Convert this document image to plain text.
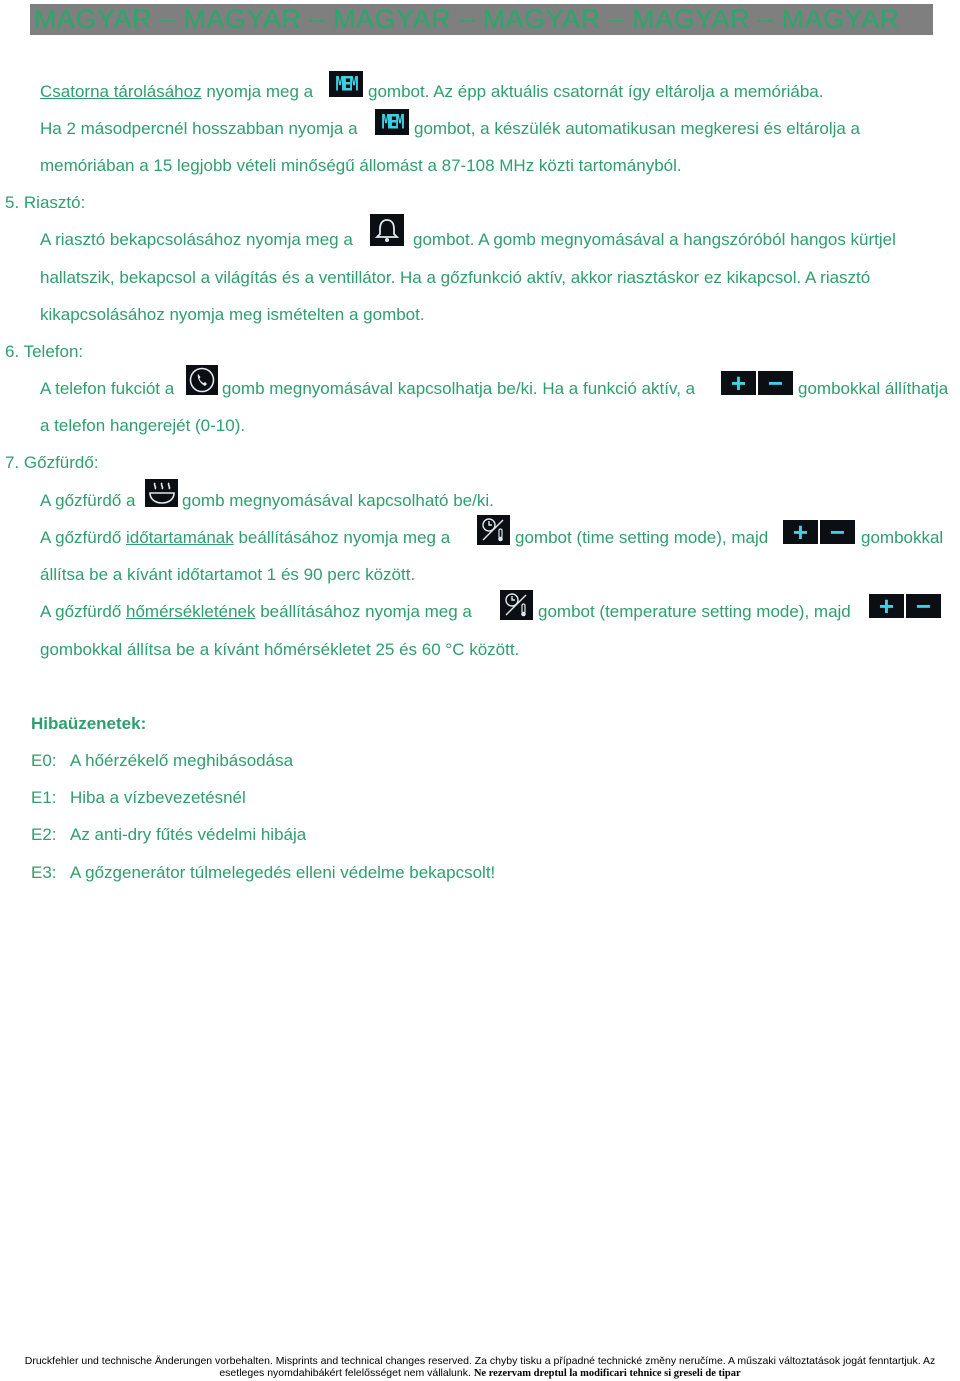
MAGYAR – MAGYAR – MAGYAR – MAGYAR – MAGYAR – MAGYAR
Csatorna tárolásához nyomja meg a MEM gombot. Az épp aktuális csatornát így eltárolja a memóriába.
Ha 2 másodpercnél hosszabban nyomja a MEM gombot, a készülék automatikusan megkeresi és eltárolja a
memóriában a 15 legjobb vételi minőségű állomást a 87-108 MHz közti tartományból.
5. Riasztó:
A riasztó bekapcsolásához nyomja meg a	gombot. A gomb megnyomásával a hangszóróból hangos kürtjel
hallatszik, bekapcsol a világítás és a ventillátor. Ha a gőzfunkció aktív, akkor riasztáskor ez kikapcsol. A riasztó
kikapcsolásához nyomja meg ismételten a gombot.
6. Telefon:
A telefon fukciót a	gomb megnyomásával kapcsolhatja be/ki. Ha a funkció aktív, a	+ − gombokkal állíthatja
a telefon hangerejét (0-10).
7. Gőzfürdő:
A gőzfürdő a	gomb megnyomásával kapcsolható be/ki.
A gőzfürdő időtartamának beállításához nyomja meg a	gombot (time setting mode), majd + − gombokkal
állítsa be a kívánt időtartamot 1 és 90 perc között.
A gőzfürdő hőmérsékletének beállításához nyomja meg a	gombot (temperature setting mode), majd	+ −
gombokkal állítsa be a kívánt hőmérsékletet 25 és 60 °C között.
Hibaüzenetek:
E0: A hőérzékelő meghibásodása
E1: Hiba a vízbevezetésnél
E2: Az anti-dry fűtés védelmi hibája
E3: A gőzgenerátor túlmelegedés elleni védelme bekapcsolt!
Druckfehler und technische Änderungen vorbehalten. Misprints and technical changes reserved. Za chyby tisku a případné technické změny neručíme. A műszaki változtatások jogát fenntartjuk. Az
esetleges nyomdahibákért felelősséget nem vállalunk. Ne rezervam dreptul la modificari tehnice si greseli de tipar
